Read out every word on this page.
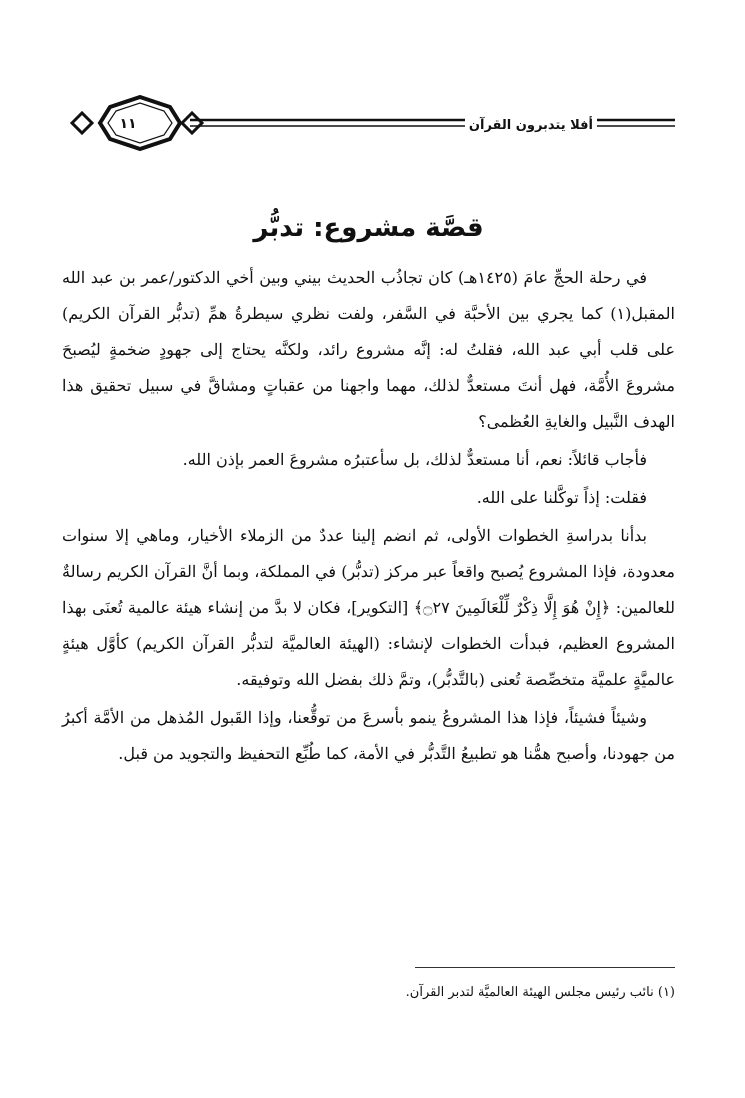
١١	أفلا يتدبرون القرآن
قصَّة مشروع: تدبُّر

في رحلة الحجِّ عامَ (١٤٢٥هـ) كان تجاذُب الحديث بيني وبين أخي الدكتور/عمر بن عبد الله المقبل(١) كما يجري بين الأحبَّة في السَّفر، ولفت نظري سيطرةُ همِّ (تدبُّر القرآن الكريم) على قلب أبي عبد الله، فقلتُ له: إنَّه مشروع رائد، ولكنَّه يحتاج إلى جهودٍ ضخمةٍ ليُصبحَ مشروعَ الأُمَّة، فهل أنتَ مستعدٌّ لذلك، مهما واجهنا من عقباتٍ ومشاقَّ في سبيل تحقيق هذا الهدف النَّبيل والغايةِ العُظمى؟

فأجاب قائلاً: نعم، أنا مستعدٌّ لذلك، بل سأعتبرُه مشروعَ العمر بإذن الله.

فقلت: إذاً توكَّلنا على الله.

بدأنا بدراسةِ الخطوات الأولى، ثم انضم إلينا عددٌ من الزملاء الأخيار، وماهي إلا سنوات معدودة، فإذا المشروع يُصبح واقعاً عبر مركز (تدبُّر) في المملكة، وبما أنَّ القرآن الكريم رسالةٌ للعالمين: ﴿إِنْ هُوَ إِلَّا ذِكْرٌ لِّلْعَالَمِينَ ۝٢٧﴾ [التكوير]، فكان لا بدَّ من إنشاء هيئة عالمية تُعنَى بهذا المشروع العظيم، فبدأت الخطوات لإنشاء: (الهيئة العالميَّة لتدبُّر القرآن الكريم) كأوَّل هيئةٍ عالميَّةٍ علميَّة متخصِّصة تُعنى (بالتَّدبُّر)، وتمَّ ذلك بفضل الله وتوفيقه.

وشيئاً فشيئاً، فإذا هذا المشروعُ ينمو بأسرعَ من توقُّعنا، وإذا القَبول المُذهل من الأمَّة أكبرُ من جهودنا، وأصبح همُّنا هو تطبيعُ التَّدبُّر في الأمة، كما طُبِّع التحفيظ والتجويد من قبل.

(١) نائب رئيس مجلس الهيئة العالميَّة لتدبر القرآن.
